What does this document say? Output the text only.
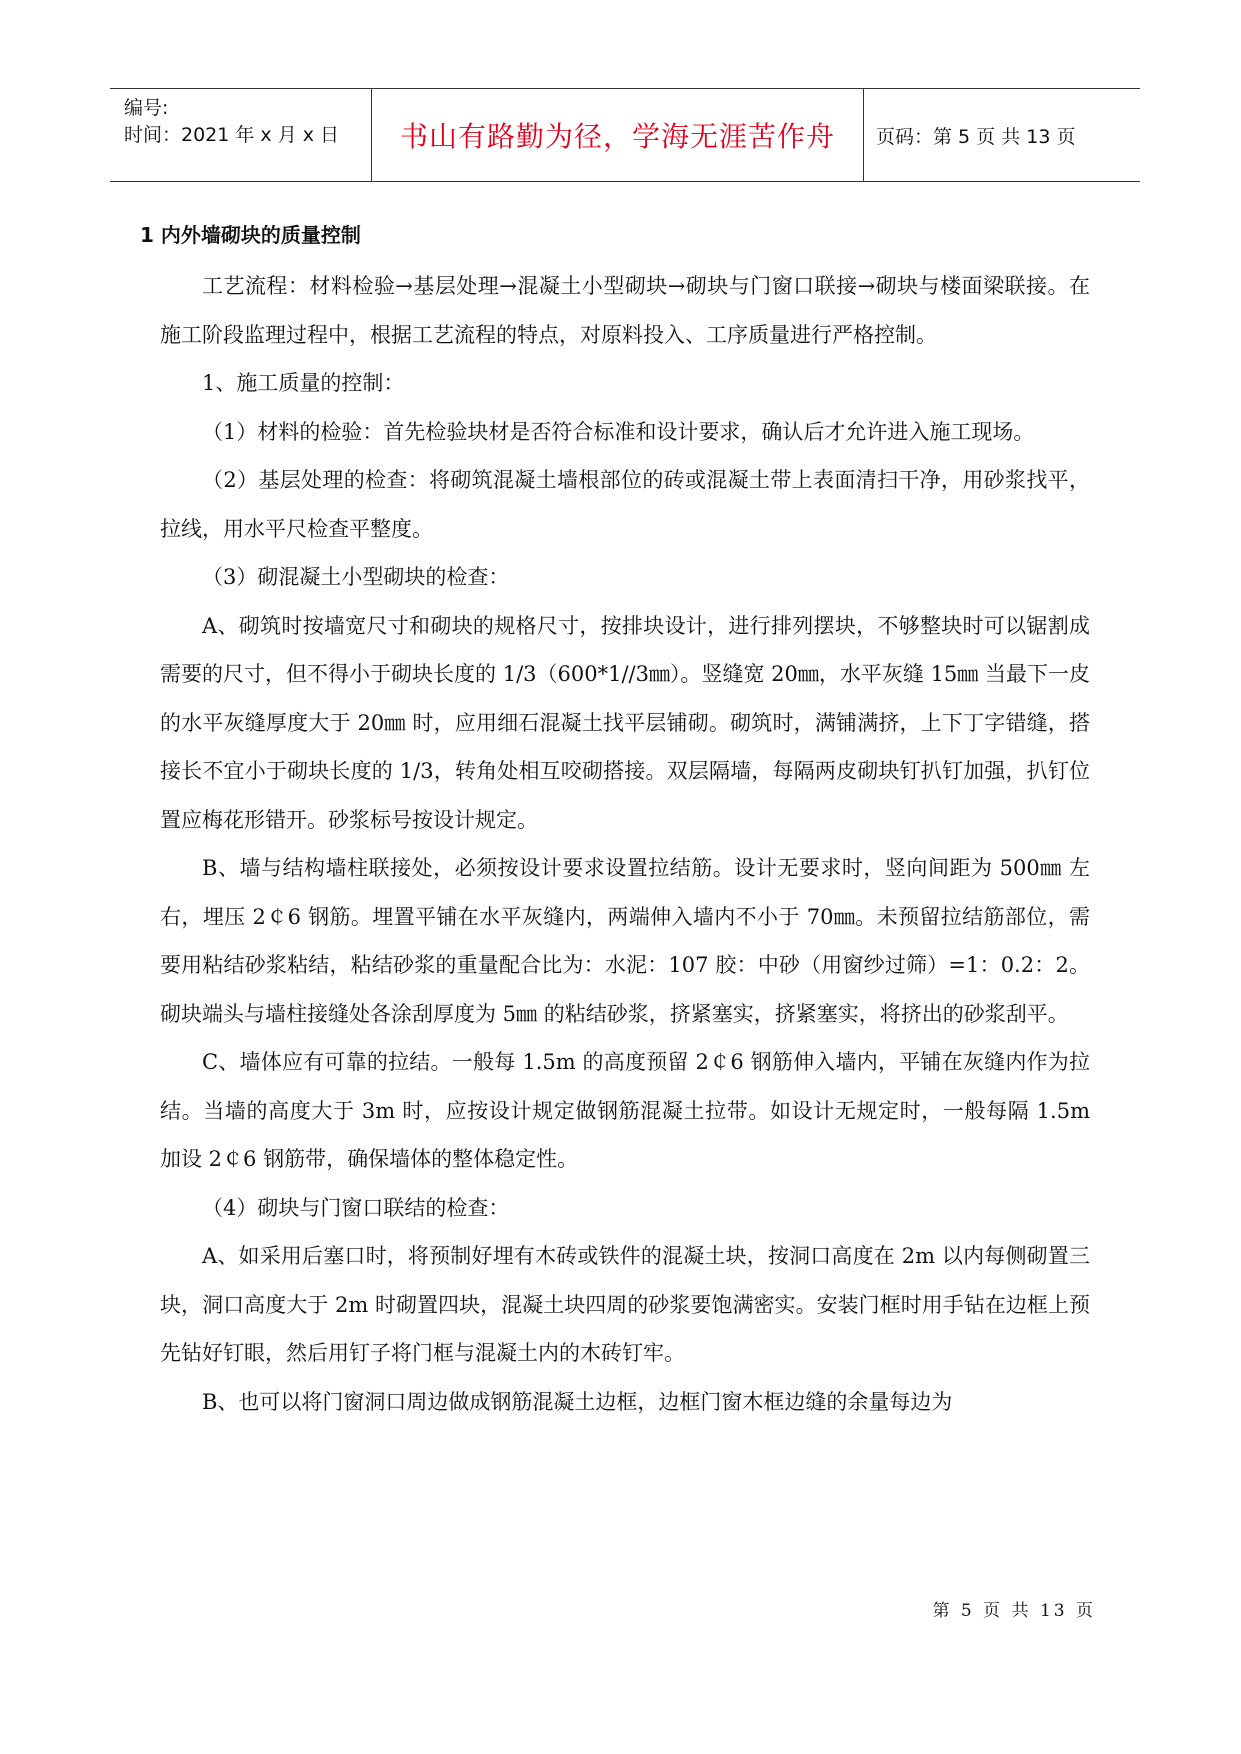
编号:
时间：2021 年 x 月 x 日	书山有路勤为径，学海无涯苦作舟	页码：第 5 页 共 13 页
1 内外墙砌块的质量控制

工艺流程：材料检验→基层处理→混凝土小型砌块→砌块与门窗口联接→砌块与楼面梁联接。在施工阶段监理过程中，根据工艺流程的特点，对原料投入、工序质量进行严格控制。

1、施工质量的控制：

（1）材料的检验：首先检验块材是否符合标准和设计要求，确认后才允许进入施工现场。

（2）基层处理的检查：将砌筑混凝土墙根部位的砖或混凝土带上表面清扫干净，用砂浆找平，拉线，用水平尺检查平整度。

（3）砌混凝土小型砌块的检查：

A、砌筑时按墙宽尺寸和砌块的规格尺寸，按排块设计，进行排列摆块，不够整块时可以锯割成需要的尺寸，但不得小于砌块长度的 1/3（600*1//3㎜）。竖缝宽 20㎜，水平灰缝 15㎜ 当最下一皮的水平灰缝厚度大于 20㎜ 时，应用细石混凝土找平层铺砌。砌筑时，满铺满挤，上下丁字错缝，搭接长不宜小于砌块长度的 1/3，转角处相互咬砌搭接。双层隔墙，每隔两皮砌块钉扒钉加强，扒钉位置应梅花形错开。砂浆标号按设计规定。

B、墙与结构墙柱联接处，必须按设计要求设置拉结筋。设计无要求时，竖向间距为 500㎜ 左右，埋压 2￠6 钢筋。埋置平铺在水平灰缝内，两端伸入墙内不小于 70㎜。未预留拉结筋部位，需要用粘结砂浆粘结，粘结砂浆的重量配合比为：水泥：107 胶：中砂（用窗纱过筛）=1：0.2：2。砌块端头与墙柱接缝处各涂刮厚度为 5㎜ 的粘结砂浆，挤紧塞实，挤紧塞实，将挤出的砂浆刮平。

C、墙体应有可靠的拉结。一般每 1.5m 的高度预留 2￠6 钢筋伸入墙内，平铺在灰缝内作为拉结。当墙的高度大于 3m 时，应按设计规定做钢筋混凝土拉带。如设计无规定时，一般每隔 1.5m 加设 2￠6 钢筋带，确保墙体的整体稳定性。

（4）砌块与门窗口联结的检查：

A、如采用后塞口时，将预制好埋有木砖或铁件的混凝土块，按洞口高度在 2m 以内每侧砌置三块，洞口高度大于 2m 时砌置四块，混凝土块四周的砂浆要饱满密实。安装门框时用手钻在边框上预先钻好钉眼，然后用钉子将门框与混凝土内的木砖钉牢。

B、也可以将门窗洞口周边做成钢筋混凝土边框，边框门窗木框边缝的余量每边为

第 5 页 共 13 页
